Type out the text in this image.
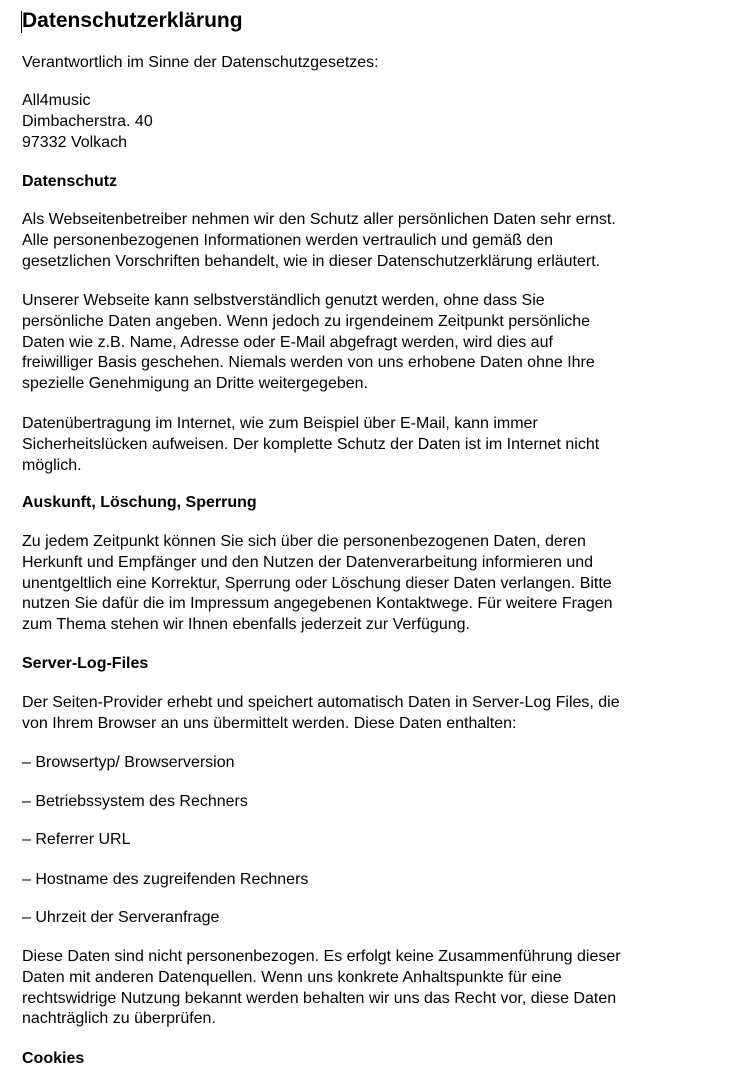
Datenschutzerklärung

Verantwortlich im Sinne der Datenschutzgesetzes:

All4music
Dimbacherstra. 40
97332 Volkach

Datenschutz

Als Webseitenbetreiber nehmen wir den Schutz aller persönlichen Daten sehr ernst.
Alle personenbezogenen Informationen werden vertraulich und gemäß den
gesetzlichen Vorschriften behandelt, wie in dieser Datenschutzerklärung erläutert.
Unserer Webseite kann selbstverständlich genutzt werden, ohne dass Sie
persönliche Daten angeben. Wenn jedoch zu irgendeinem Zeitpunkt persönliche
Daten wie z.B. Name, Adresse oder E-Mail abgefragt werden, wird dies auf
freiwilliger Basis geschehen. Niemals werden von uns erhobene Daten ohne Ihre
spezielle Genehmigung an Dritte weitergegeben.
Datenübertragung im Internet, wie zum Beispiel über E-Mail, kann immer
Sicherheitslücken aufweisen. Der komplette Schutz der Daten ist im Internet nicht
möglich.

Auskunft, Löschung, Sperrung

Zu jedem Zeitpunkt können Sie sich über die personenbezogenen Daten, deren
Herkunft und Empfänger und den Nutzen der Datenverarbeitung informieren und
unentgeltlich eine Korrektur, Sperrung oder Löschung dieser Daten verlangen. Bitte
nutzen Sie dafür die im Impressum angegebenen Kontaktwege. Für weitere Fragen
zum Thema stehen wir Ihnen ebenfalls jederzeit zur Verfügung.

Server-Log-Files

Der Seiten-Provider erhebt und speichert automatisch Daten in Server-Log Files, die
von Ihrem Browser an uns übermittelt werden. Diese Daten enthalten:

– Browsertyp/ Browserversion

– Betriebssystem des Rechners

– Referrer URL

– Hostname des zugreifenden Rechners

– Uhrzeit der Serveranfrage

Diese Daten sind nicht personenbezogen. Es erfolgt keine Zusammenführung dieser
Daten mit anderen Datenquellen. Wenn uns konkrete Anhaltspunkte für eine
rechtswidrige Nutzung bekannt werden behalten wir uns das Recht vor, diese Daten
nachträglich zu überprüfen.

Cookies
